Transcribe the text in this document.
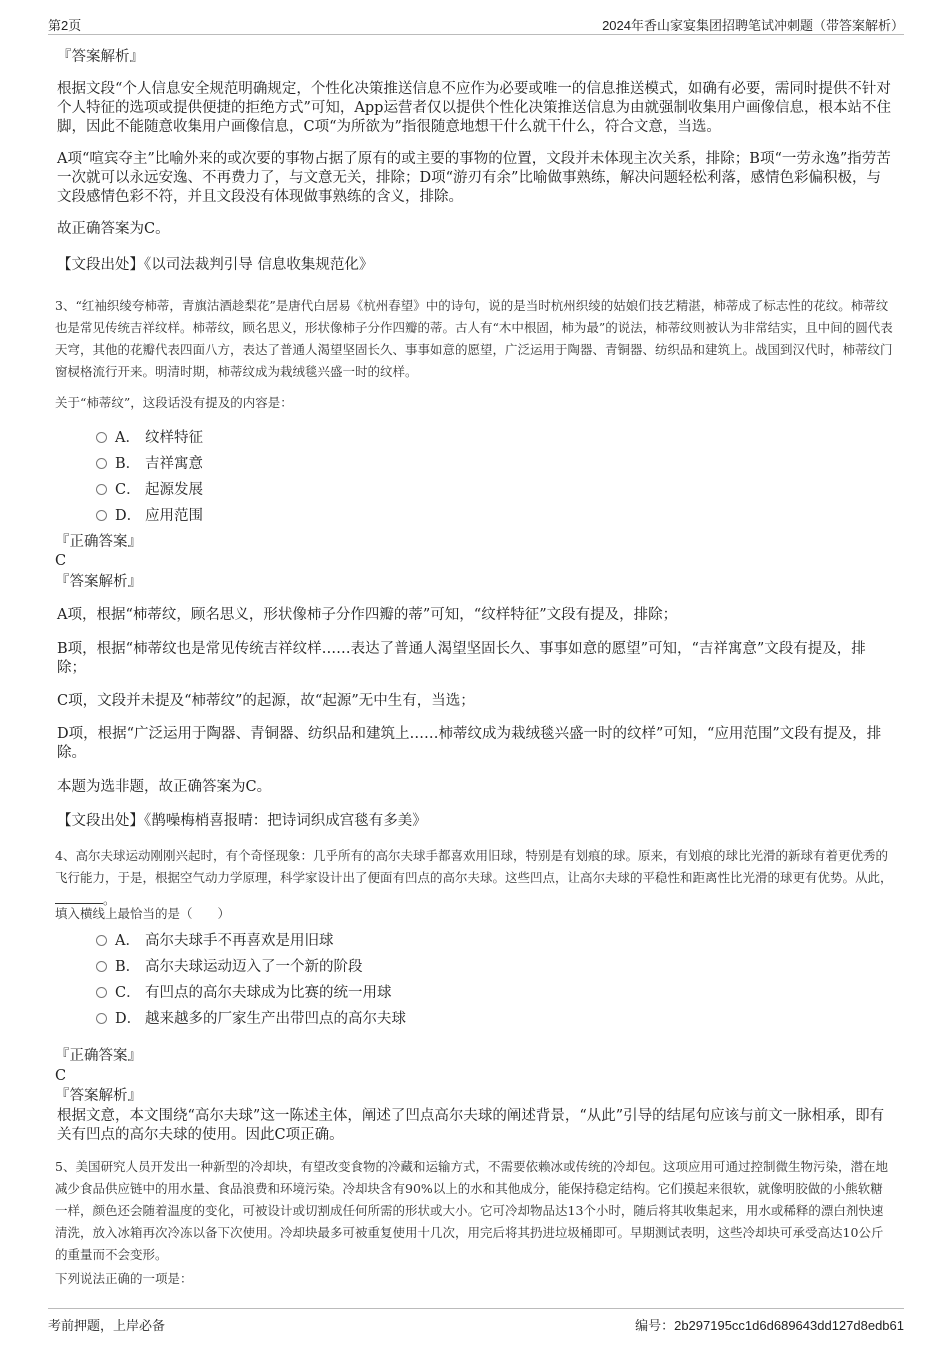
第2页	2024年香山家宴集团招聘笔试冲刺题（带答案解析）
『答案解析』
根据文段“个人信息安全规范明确规定，个性化决策推送信息不应作为必要或唯一的信息推送模式，如确有必要，需同时提供不针对个人特征的选项或提供便捷的拒绝方式”可知，App运营者仅以提供个性化决策推送信息为由就强制收集用户画像信息，根本站不住脚，因此不能随意收集用户画像信息，C项“为所欲为”指很随意地想干什么就干什么，符合文意，当选。
A项“喧宾夺主”比喻外来的或次要的事物占据了原有的或主要的事物的位置，文段并未体现主次关系，排除；B项“一劳永逸”指劳苦一次就可以永远安逸、不再费力了，与文意无关，排除；D项“游刃有余”比喻做事熟练，解决问题轻松利落，感情色彩偏积极，与文段感情色彩不符，并且文段没有体现做事熟练的含义，排除。
故正确答案为C。
【文段出处】《以司法裁判引导 信息收集规范化》
3、“红袖织绫夸柿蒂，青旗沽酒趁梨花”是唐代白居易《杭州春望》中的诗句，说的是当时杭州织绫的姑娘们技艺精湛，柿蒂成了标志性的花纹。柿蒂纹也是常见传统吉祥纹样。柿蒂纹，顾名思义，形状像柿子分作四瓣的蒂。古人有“木中根固，柿为最”的说法，柿蒂纹则被认为非常结实，且中间的圆代表天穹，其他的花瓣代表四面八方，表达了普通人渴望坚固长久、事事如意的愿望，广泛运用于陶器、青铜器、纺织品和建筑上。战国到汉代时，柿蒂纹门窗棂格流行开来。明清时期，柿蒂纹成为栽绒毯兴盛一时的纹样。
关于“柿蒂纹”，这段话没有提及的内容是：
A． 纹样特征
B． 吉祥寓意
C． 起源发展
D． 应用范围
『正确答案』
C
『答案解析』
A项，根据“柿蒂纹，顾名思义，形状像柿子分作四瓣的蒂”可知，“纹样特征”文段有提及，排除；
B项，根据“柿蒂纹也是常见传统吉祥纹样……表达了普通人渴望坚固长久、事事如意的愿望”可知，“吉祥寓意”文段有提及，排除；
C项，文段并未提及“柿蒂纹”的起源，故“起源”无中生有，当选；
D项，根据“广泛运用于陶器、青铜器、纺织品和建筑上……柿蒂纹成为栽绒毯兴盛一时的纹样”可知，“应用范围”文段有提及，排除。
本题为选非题，故正确答案为C。
【文段出处】《鹊噪梅梢喜报晴：把诗词织成宫毯有多美》
4、高尔夫球运动刚刚兴起时，有个奇怪现象：几乎所有的高尔夫球手都喜欢用旧球，特别是有划痕的球。原来，有划痕的球比光滑的新球有着更优秀的飞行能力，于是，根据空气动力学原理，科学家设计出了便面有凹点的高尔夫球。这些凹点，让高尔夫球的平稳性和距离性比光滑的球更有优势。从此，。
填入横线上最恰当的是（　　）
A． 高尔夫球手不再喜欢是用旧球
B． 高尔夫球运动迈入了一个新的阶段
C． 有凹点的高尔夫球成为比赛的统一用球
D． 越来越多的厂家生产出带凹点的高尔夫球
『正确答案』
C
『答案解析』
根据文意，本文围绕“高尔夫球”这一陈述主体，阐述了凹点高尔夫球的阐述背景，“从此”引导的结尾句应该与前文一脉相承，即有关有凹点的高尔夫球的使用。因此C项正确。
5、美国研究人员开发出一种新型的冷却块，有望改变食物的冷藏和运输方式，不需要依赖冰或传统的冷却包。这项应用可通过控制微生物污染，潜在地减少食品供应链中的用水量、食品浪费和环境污染。冷却块含有90%以上的水和其他成分，能保持稳定结构。它们摸起来很软，就像明胶做的小熊软糖一样，颜色还会随着温度的变化，可被设计或切割成任何所需的形状或大小。它可冷却物品达13个小时，随后将其收集起来，用水或稀释的漂白剂快速清洗，放入冰箱再次冷冻以备下次使用。冷却块最多可被重复使用十几次，用完后将其扔进垃圾桶即可。早期测试表明，这些冷却块可承受高达10公斤的重量而不会变形。
下列说法正确的一项是：
考前押题，上岸必备	编号：2b297195cc1d6d689643dd127d8edb61
